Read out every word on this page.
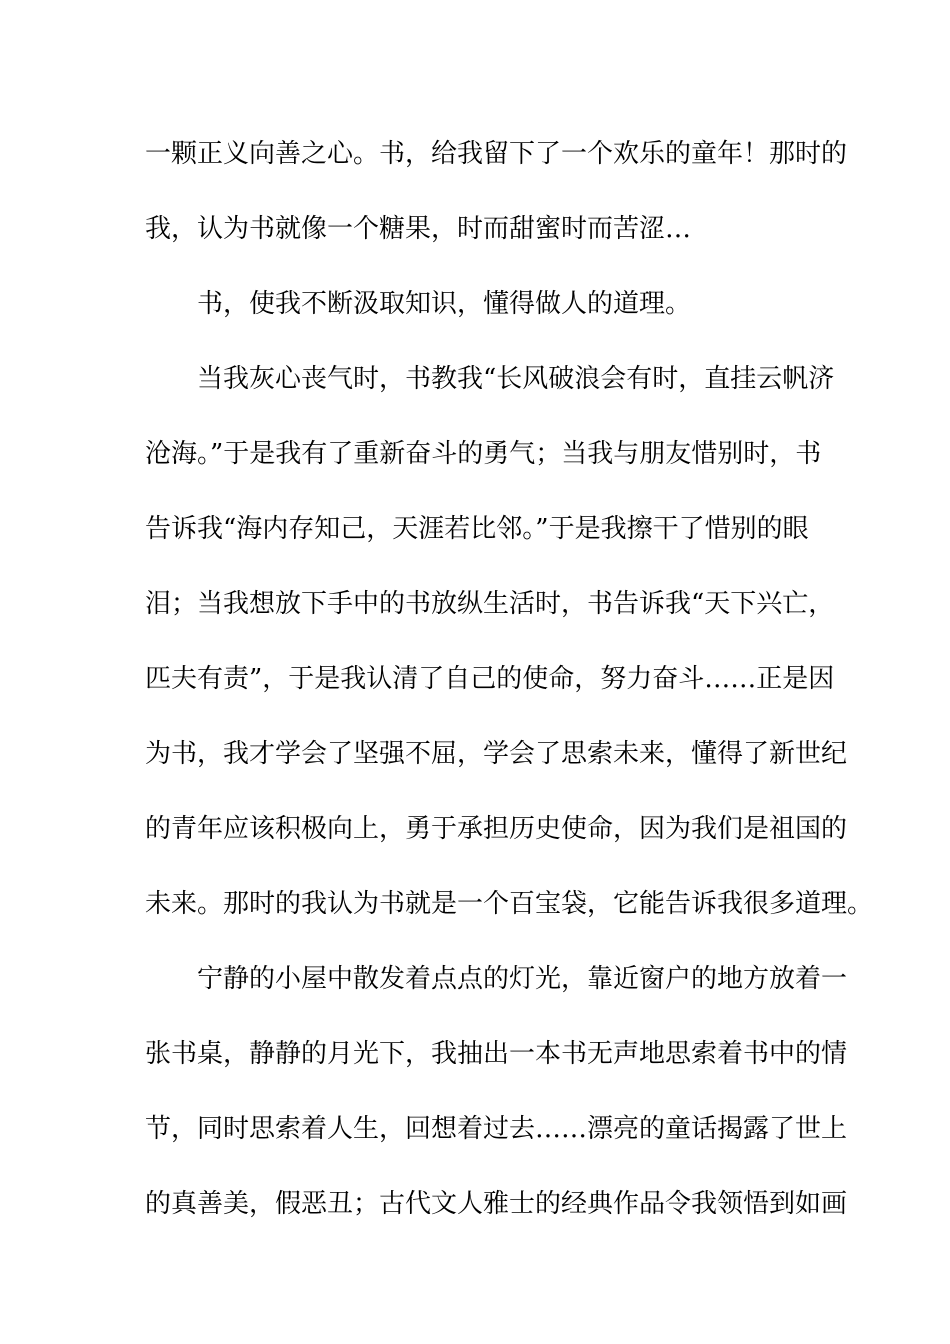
一颗正义向善之心。书，给我留下了一个欢乐的童年！那时的
我，认为书就像一个糖果，时而甜蜜时而苦涩…
书，使我不断汲取知识，懂得做人的道理。
当我灰心丧气时，书教我“长风破浪会有时，直挂云帆济
沧海。”于是我有了重新奋斗的勇气；当我与朋友惜别时，书
告诉我“海内存知己，天涯若比邻。”于是我擦干了惜别的眼
泪；当我想放下手中的书放纵生活时，书告诉我“天下兴亡，
匹夫有责”，于是我认清了自己的使命，努力奋斗……正是因
为书，我才学会了坚强不屈，学会了思索未来，懂得了新世纪
的青年应该积极向上，勇于承担历史使命，因为我们是祖国的
未来。那时的我认为书就是一个百宝袋，它能告诉我很多道理。
宁静的小屋中散发着点点的灯光，靠近窗户的地方放着一
张书桌，静静的月光下，我抽出一本书无声地思索着书中的情
节，同时思索着人生，回想着过去……漂亮的童话揭露了世上
的真善美，假恶丑；古代文人雅士的经典作品令我领悟到如画
